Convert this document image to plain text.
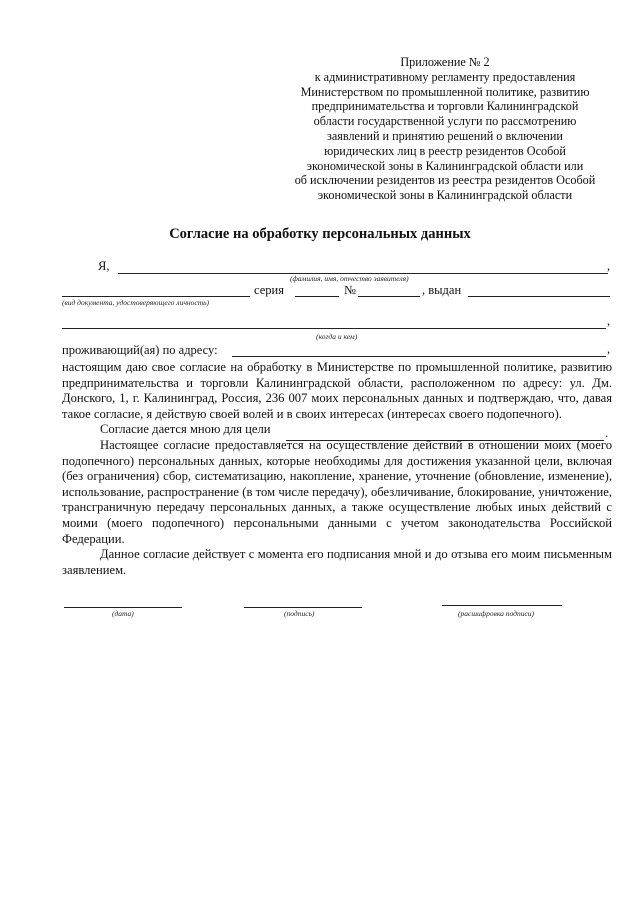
Приложение № 2
к административному регламенту предоставления
Министерством по промышленной политике, развитию
предпринимательства и торговли Калининградской
области государственной услуги по рассмотрению
заявлений и принятию решений о включении
юридических лиц в реестр резидентов Особой
экономической зоны в Калининградской области или
об исключении резидентов из реестра резидентов Особой
экономической зоны в Калининградской области
Согласие на обработку персональных данных
Я,	,
(фамилия, имя, отчество заявителя)
серия	№	, выдан
(вид документа, удостоверяющего личность)
,
(когда и кем)
проживающий(ая) по адресу:	,

настоящим даю свое согласие на обработку в Министерстве по промышленной политике, развитию предпринимательства и торговли Калининградской области, расположенном по адресу: ул. Дм. Донского, 1, г. Калининград, Россия, 236 007 моих персональных данных и подтверждаю, что, давая такое согласие, я действую своей волей и в своих интересах (интересах своего подопечного).

Согласие дается мною для цели

Настоящее согласие предоставляется на осуществление действий в отношении моих (моего подопечного) персональных данных, которые необходимы для достижения указанной цели, включая (без ограничения) сбор, систематизацию, накопление, хранение, уточнение (обновление, изменение), использование, распространение (в том числе передачу), обезличивание, блокирование, уничтожение, трансграничную передачу персональных данных, а также осуществление любых иных действий с моими (моего подопечного) персональными данными с учетом законодательства Российской Федерации.

Данное согласие действует с момента его подписания мной и до отзыва его моим письменным заявлением.

.
(дата)	(подпись)	(расшифровка подписи)
